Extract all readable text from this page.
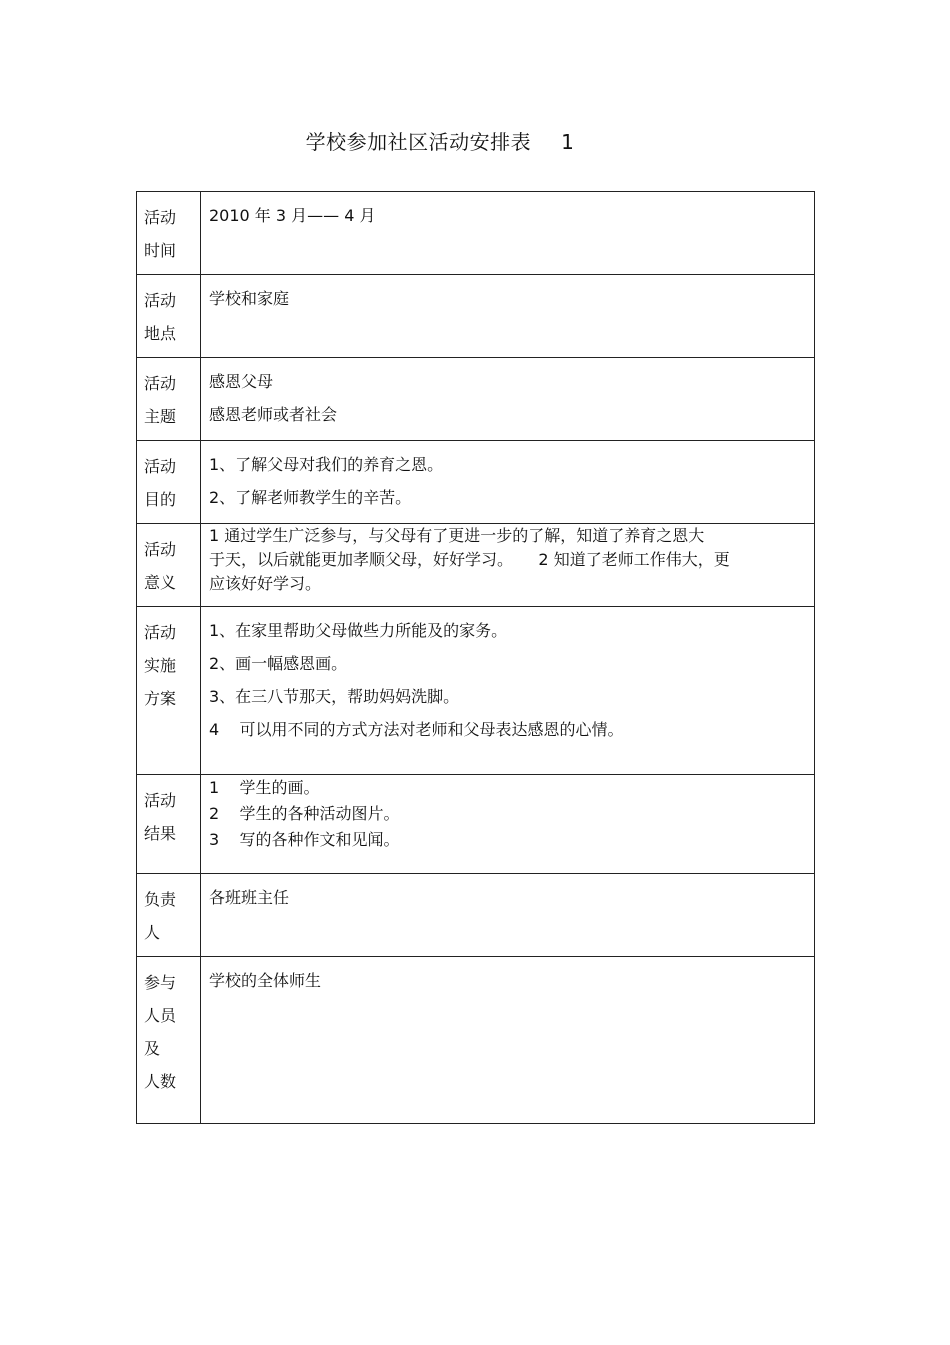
学校参加社区活动安排表 1
活动
时间	2010 年 3 月—— 4 月

活动
地点	学校和家庭

活动
主题	感恩父母
感恩老师或者社会

活动
目的	1、了解父母对我们的养育之恩。
2、了解老师教学生的辛苦。

活动
意义	1 通过学生广泛参与，与父母有了更进一步的了解，知道了养育之恩大
于天，以后就能更加孝顺父母，好好学习。     2 知道了老师工作伟大，更
应该好好学习。

活动
实施
方案	1、在家里帮助父母做些力所能及的家务。
2、画一幅感恩画。
3、在三八节那天，帮助妈妈洗脚。
4    可以用不同的方式方法对老师和父母表达感恩的心情。

活动
结果	1    学生的画。
2    学生的各种活动图片。
3    写的各种作文和见闻。

负责
人	各班班主任

参与
人员
及
人数	学校的全体师生
